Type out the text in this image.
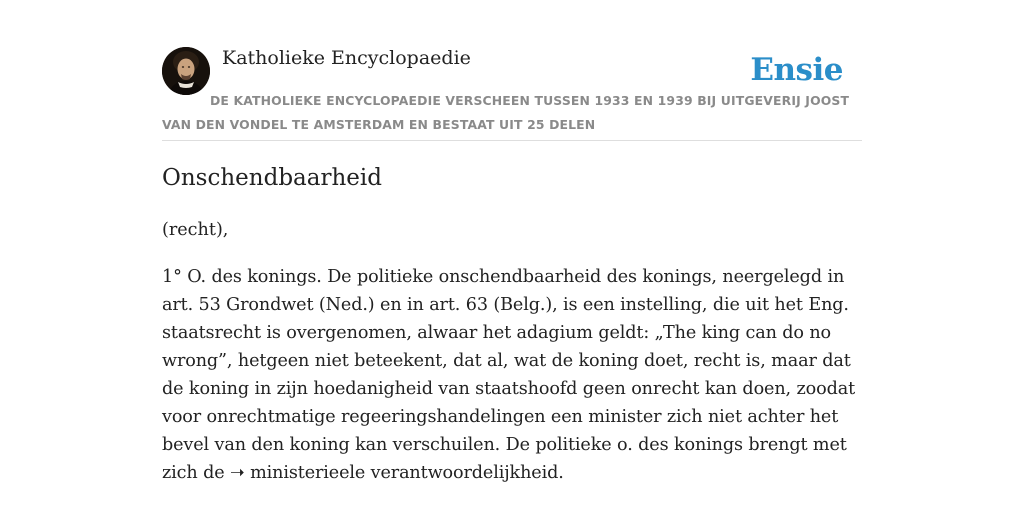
Katholieke Encyclopaedie	Ensie
DE KATHOLIEKE ENCYCLOPAEDIE VERSCHEEN TUSSEN 1933 EN 1939 BIJ UITGEVERIJ JOOST VAN DEN VONDEL TE AMSTERDAM EN BESTAAT UIT 25 DELEN
Onschendbaarheid

(recht),

1° O. des konings. De politieke onschendbaarheid des konings, neergelegd in art. 53 Grondwet (Ned.) en in art. 63 (Belg.), is een instelling, die uit het Eng. staatsrecht is overgenomen, alwaar het adagium geldt: „The king can do no wrong”, hetgeen niet beteekent, dat al, wat de koning doet, recht is, maar dat de koning in zijn hoedanigheid van staatshoofd geen onrecht kan doen, zoodat voor onrechtmatige regeeringshandelingen een minister zich niet achter het bevel van den koning kan verschuilen. De politieke o. des konings brengt met zich de ➝ ministerieele verantwoordelijkheid.
